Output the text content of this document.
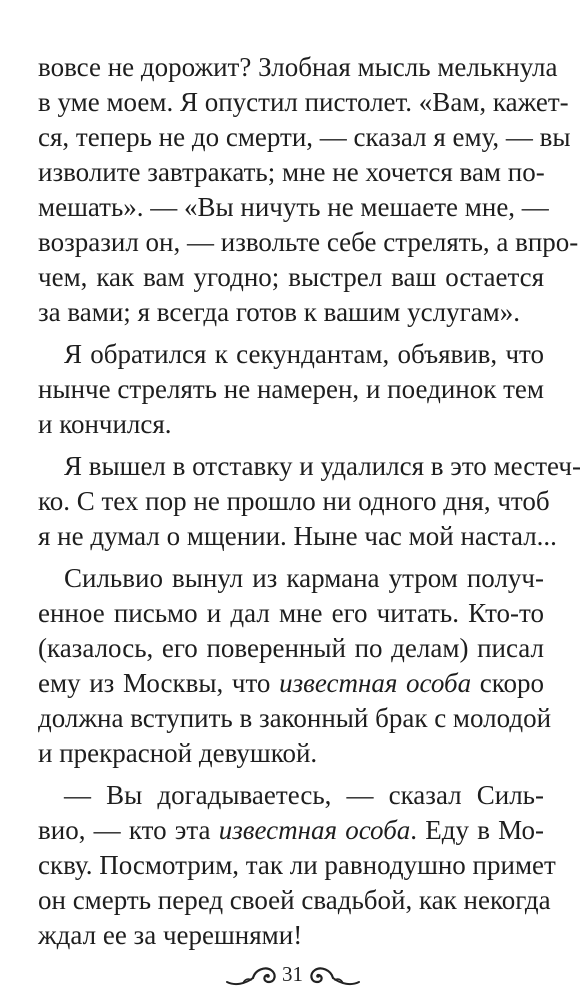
вовсе не дорожит? Злобная мысль мелькнула
в уме моем. Я опустил пистолет. «Вам, кажет-
ся, теперь не до смерти, — сказал я ему, — вы
изволите завтракать; мне не хочется вам по-
мешать». — «Вы ничуть не мешаете мне, —
возразил он, — извольте себе стрелять, а впро-
чем, как вам угодно; выстрел ваш остается
за вами; я всегда готов к вашим услугам».
Я обратился к секундантам, объявив, что
нынче стрелять не намерен, и поединок тем
и кончился.
Я вышел в отставку и удалился в это местеч-
ко. С тех пор не прошло ни одного дня, чтоб
я не думал о мщении. Ныне час мой настал...
Сильвио вынул из кармана утром получ-
енное письмо и дал мне его читать. Кто-то
(казалось, его поверенный по делам) писал
ему из Москвы, что известная особа скоро
должна вступить в законный брак с молодой
и прекрасной девушкой.
— Вы догадываетесь, — сказал Силь-
вио, — кто эта известная особа. Еду в Мо-
скву. Посмотрим, так ли равнодушно примет
он смерть перед своей свадьбой, как некогда
ждал ее за черешнями!
31
